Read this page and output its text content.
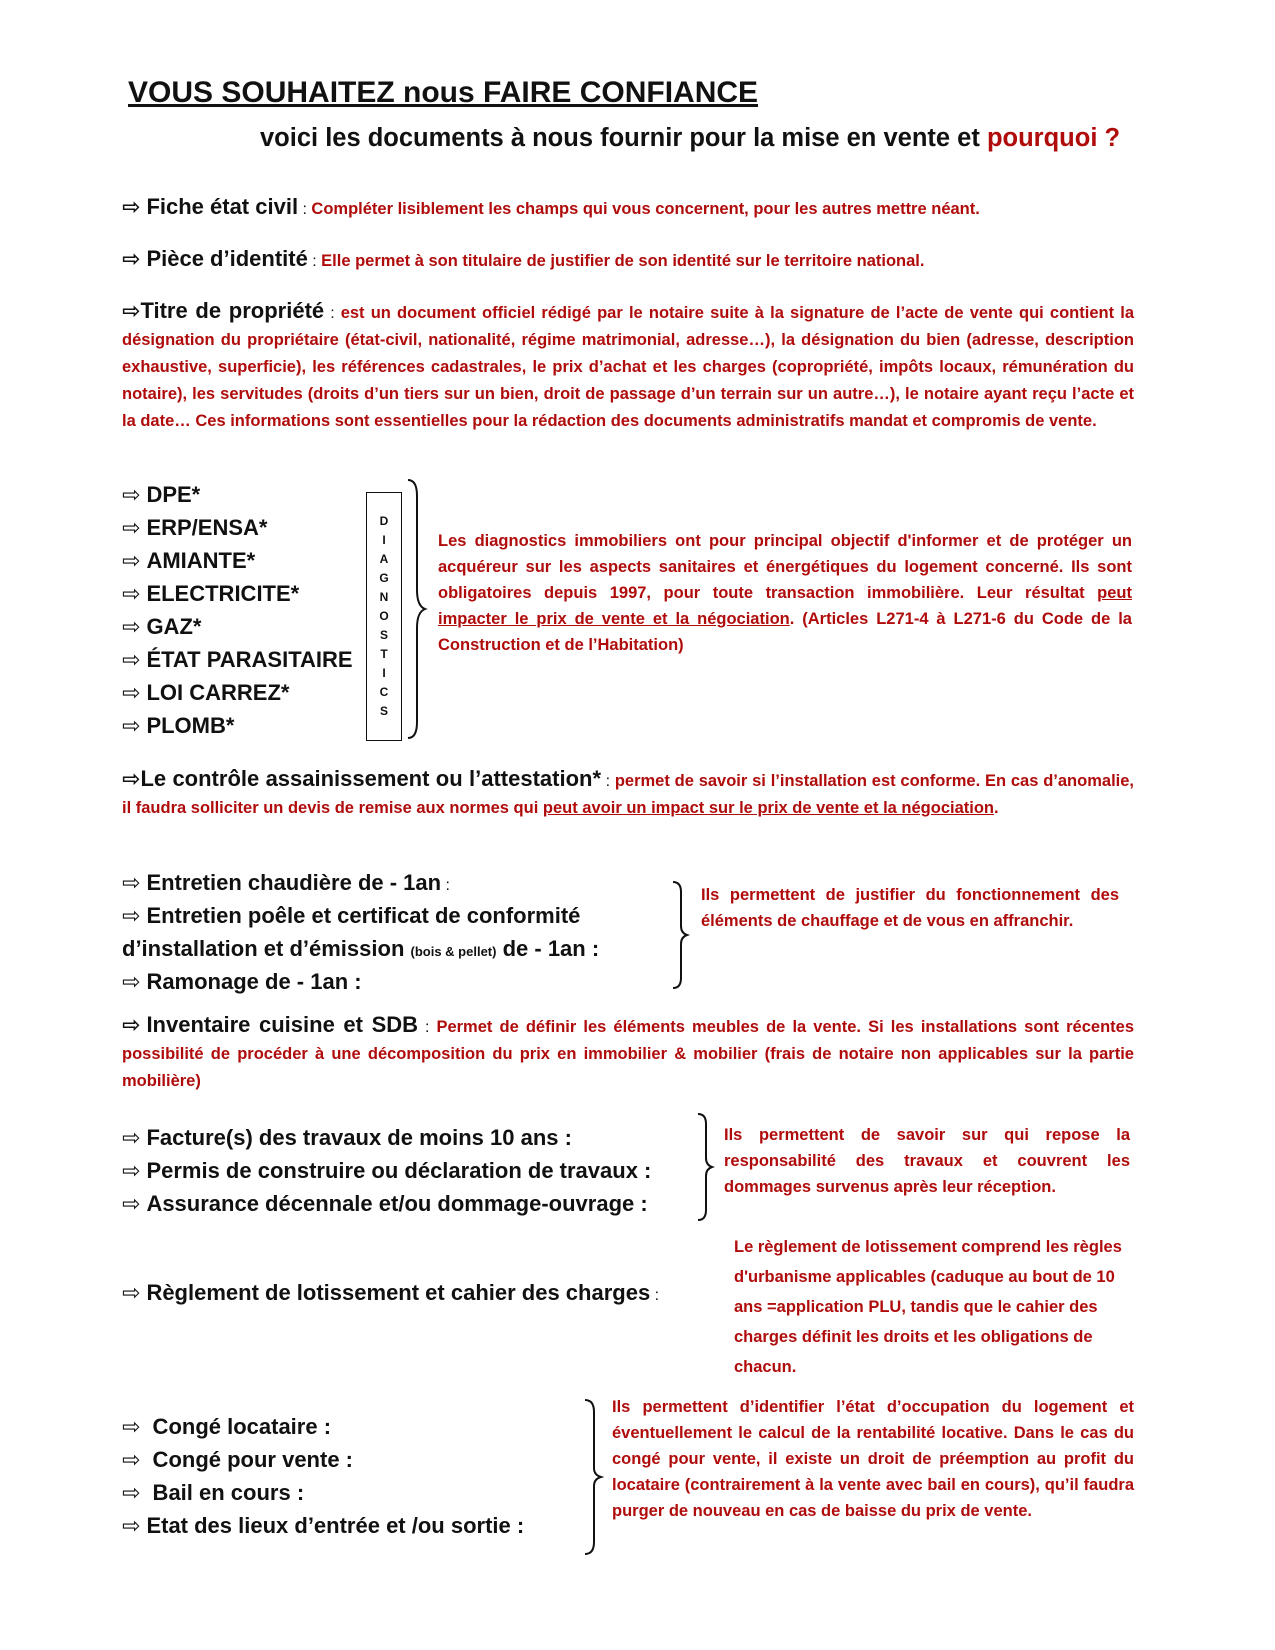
VOUS SOUHAITEZ nous FAIRE CONFIANCE
voici les documents à nous fournir pour la mise en vente et pourquoi ?
⇨ Fiche état civil : Compléter lisiblement les champs qui vous concernent, pour les autres mettre néant.
⇨ Pièce d’identité : Elle permet à son titulaire de justifier de son identité sur le territoire national.
⇨Titre de propriété : est un document officiel rédigé par le notaire suite à la signature de l’acte de vente qui contient la désignation du propriétaire (état-civil, nationalité, régime matrimonial, adresse…), la désignation du bien (adresse, description exhaustive, superficie), les références cadastrales, le prix d’achat et les charges (copropriété, impôts locaux, rémunération du notaire), les servitudes (droits d’un tiers sur un bien, droit de passage d’un terrain sur un autre…), le notaire ayant reçu l’acte et la date… Ces informations sont essentielles pour la rédaction des documents administratifs mandat et compromis de vente.
⇨ DPE*
⇨ ERP/ENSA*
⇨ AMIANTE*
⇨ ELECTRICITE*
⇨ GAZ*
⇨ ÉTAT PARASITAIRE
⇨ LOI CARREZ*
⇨ PLOMB*
D
I
A
G
N
O
S
T
I
C
S
Les diagnostics immobiliers ont pour principal objectif d'informer et de protéger un acquéreur sur les aspects sanitaires et énergétiques du logement concerné. Ils sont obligatoires depuis 1997, pour toute transaction immobilière. Leur résultat peut impacter le prix de vente et la négociation. (Articles L271-4 à L271-6 du Code de la Construction et de l’Habitation)
⇨Le contrôle assainissement ou l’attestation* : permet de savoir si l’installation est conforme. En cas d’anomalie, il faudra solliciter un devis de remise aux normes qui peut avoir un impact sur le prix de vente et la négociation.
⇨ Entretien chaudière de - 1an :
⇨ Entretien poêle et certificat de conformité
d’installation et d’émission (bois & pellet) de - 1an :
⇨ Ramonage de - 1an :
Ils permettent de justifier du fonctionnement des éléments de chauffage et de vous en affranchir.
⇨ Inventaire cuisine et SDB : Permet de définir les éléments meubles de la vente. Si les installations sont récentes possibilité de procéder à une décomposition du prix en immobilier & mobilier (frais de notaire non applicables sur la partie mobilière)
⇨ Facture(s) des travaux de moins 10 ans :
⇨ Permis de construire ou déclaration de travaux :
⇨ Assurance décennale et/ou dommage-ouvrage :
Ils permettent de savoir sur qui repose la responsabilité des travaux et couvrent les dommages survenus après leur réception.
⇨ Règlement de lotissement et cahier des charges :
Le règlement de lotissement comprend les règles d'urbanisme applicables (caduque au bout de 10 ans =application PLU, tandis que le cahier des charges définit les droits et les obligations de chacun.
⇨ Congé locataire :
⇨ Congé pour vente :
⇨ Bail en cours :
⇨ Etat des lieux d’entrée et /ou sortie :
Ils permettent d’identifier l’état d’occupation du logement et éventuellement le calcul de la rentabilité locative. Dans le cas du congé pour vente, il existe un droit de préemption au profit du locataire (contrairement à la vente avec bail en cours), qu’il faudra purger de nouveau en cas de baisse du prix de vente.
